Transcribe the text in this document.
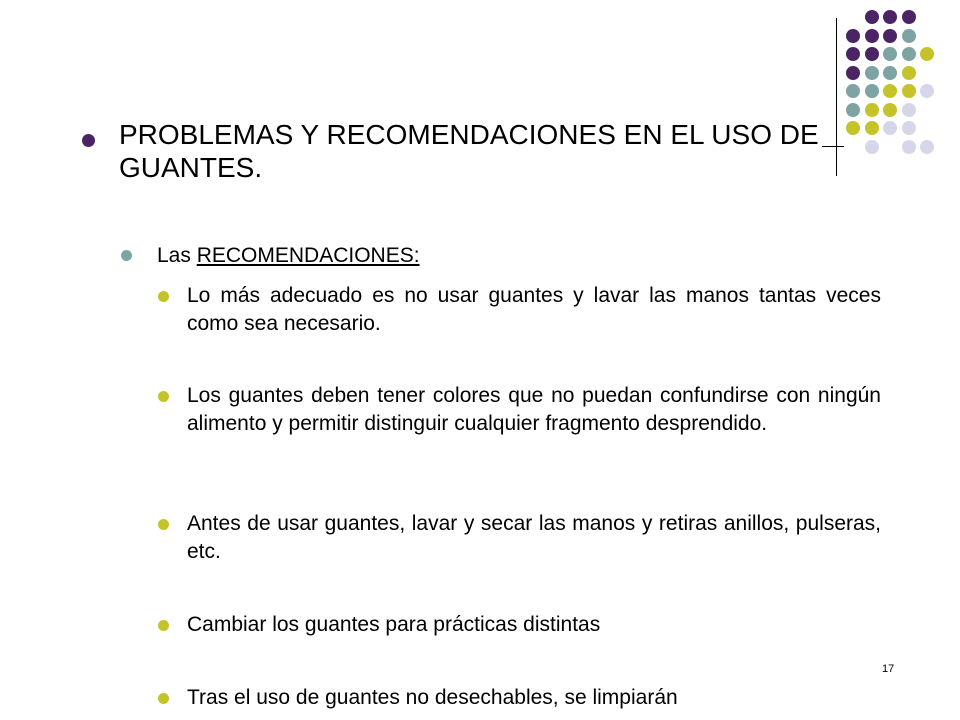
PROBLEMAS Y RECOMENDACIONES EN EL USO DE GUANTES.
Las RECOMENDACIONES:
Lo más adecuado es no usar guantes y lavar las manos tantas veces como sea necesario.
Los guantes deben tener colores que no puedan confundirse con ningún alimento y permitir distinguir cualquier fragmento desprendido.
Antes de usar guantes, lavar y secar las manos y retiras anillos, pulseras, etc.
Cambiar los guantes para prácticas distintas
Tras el uso de guantes no desechables, se limpiarán
17
